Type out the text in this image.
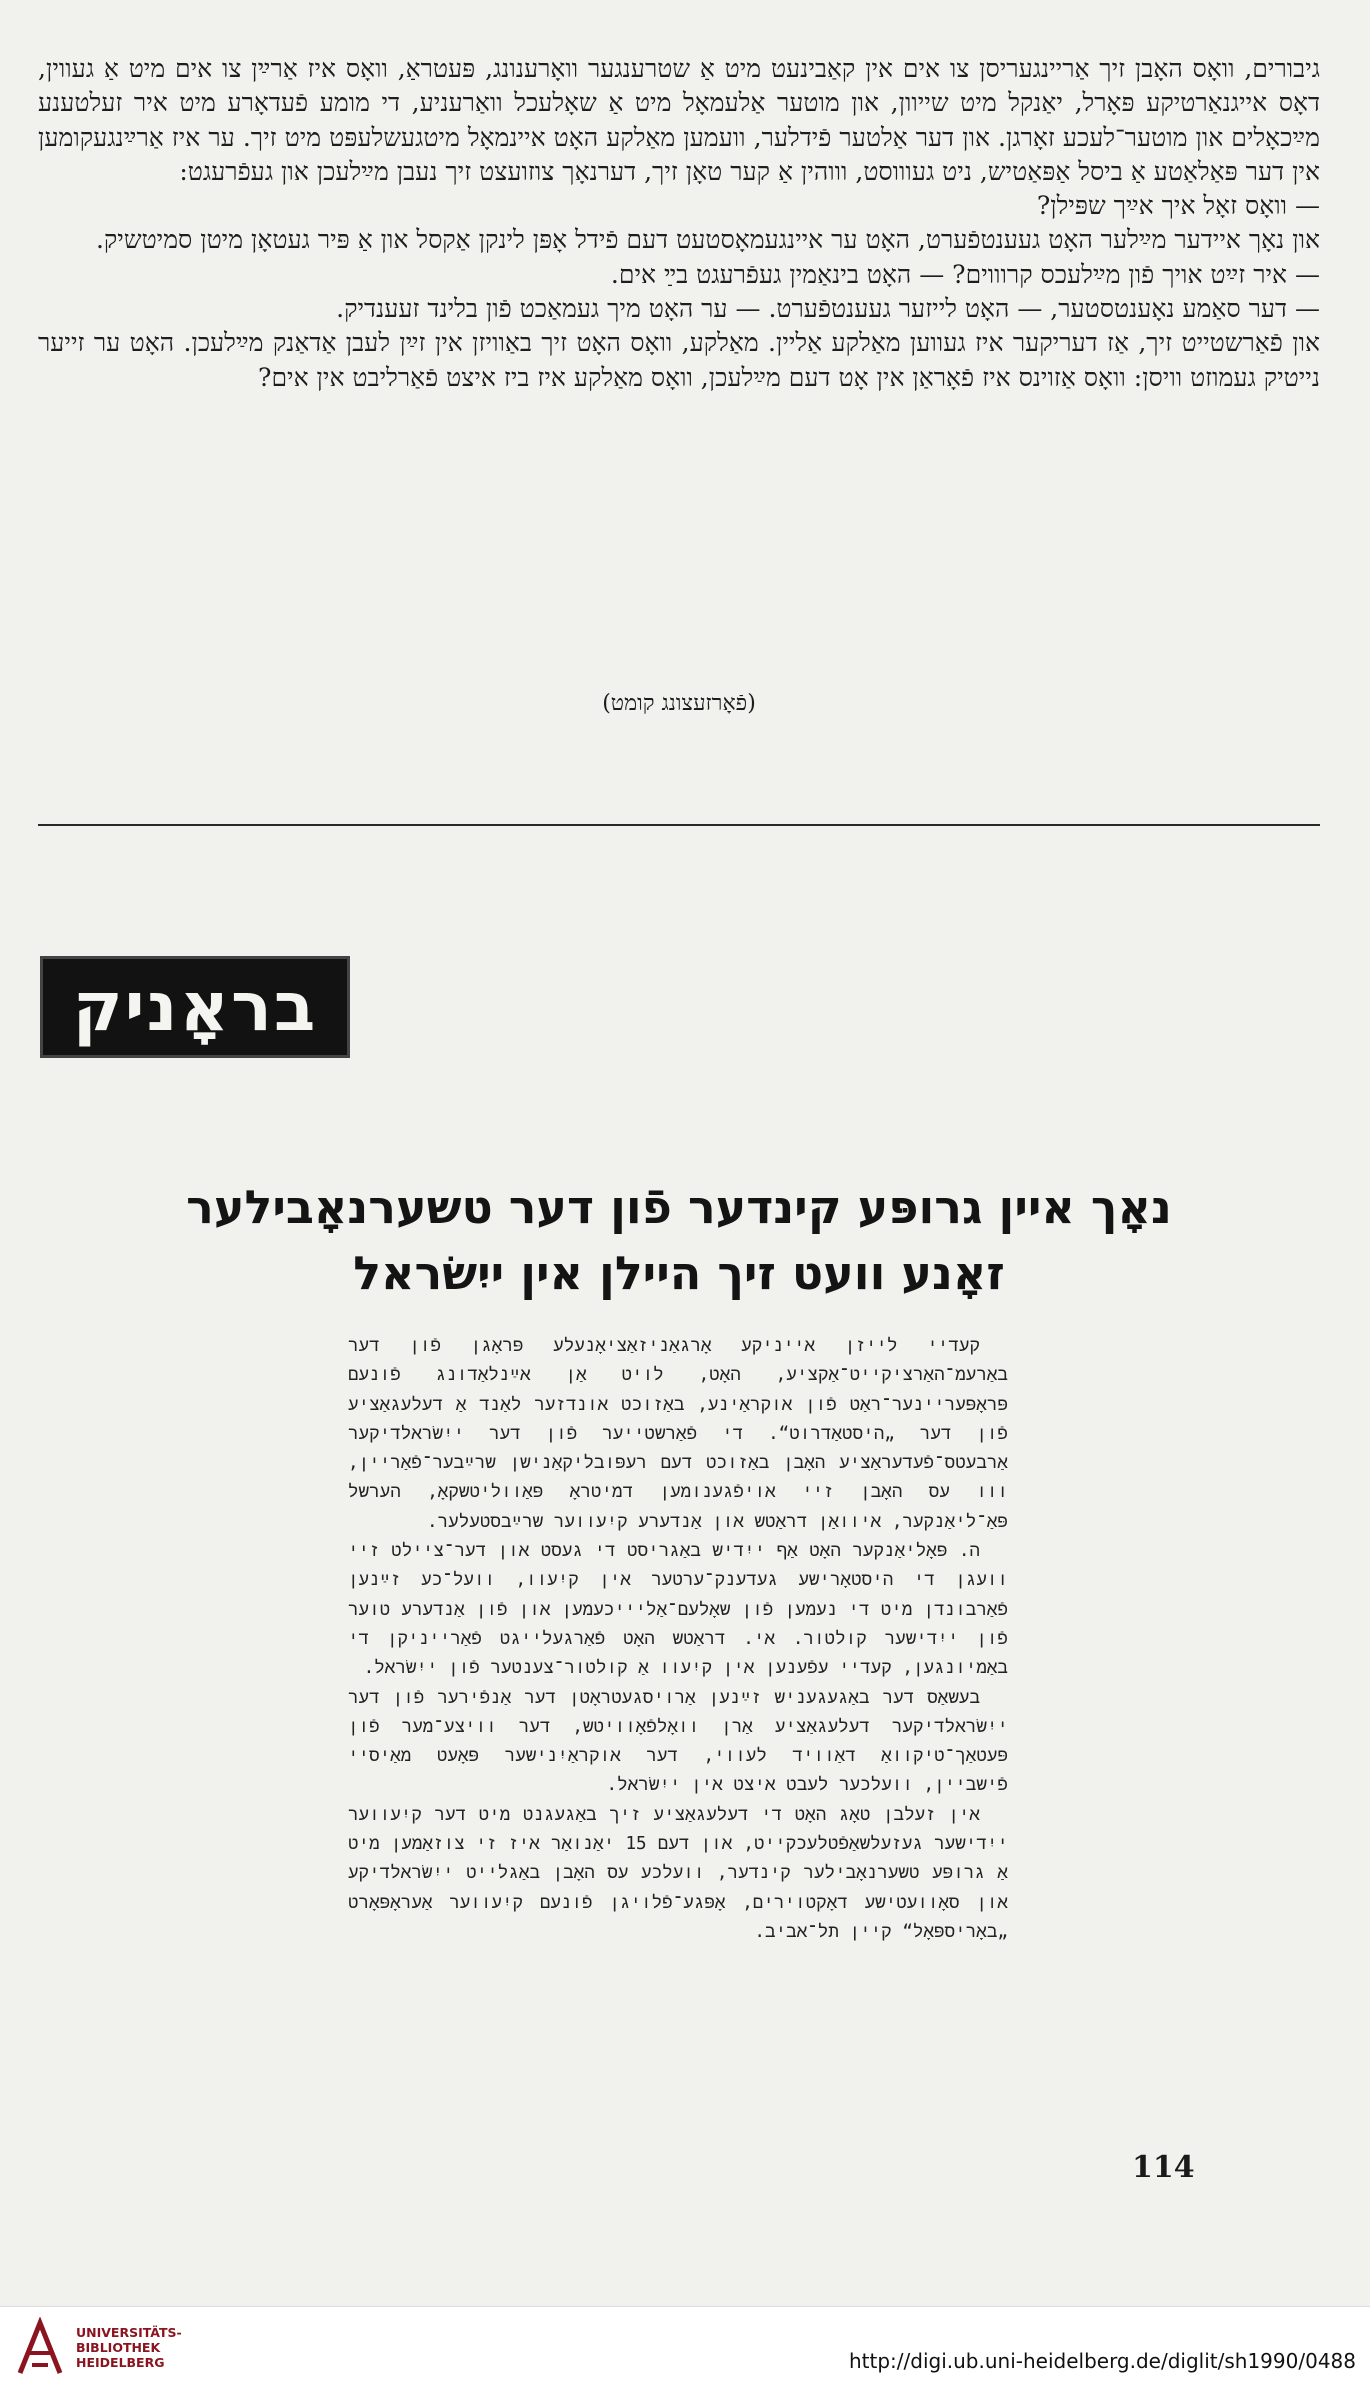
גיבורים, וואָס האָבן זיך אַריינגעריסן צו אים אין קאַבינעט מיט אַ שטרענגער וואָרענונג, פּעטראַ, וואָס איז אַרײַן צו אים מיט אַ געווין, דאָס אייגנאַרטיקע פּאָרל, יאַנקל מיט שייוון, און מוטער אַלעמאָל מיט אַ שאָלעכל וואַרעניע, די מומע פֿעדאָרע מיט איר זעלטענע מײַכאָלים און מוטער־לעכע זאָרגן. און דער אַלטער פֿידלער, וועמען מאַלקע האָט איינמאָל מיטגעשלעפּט מיט זיך. ער איז אַרײַנגעקומען אין דער פּאַלאַטע אַ ביסל אַפּאַטיש, ניט געוווסט, וווהין אַ קער טאָן זיך, דערנאָך צוזועצט זיך נעבן מײַלעכן און געפֿרעגט:

— וואָס זאָל איך אײַך שפּילן?

און נאָך איידער מײַלער האָט געענטפֿערט, האָט ער איינגעמאָסטעט דעם פֿידל אָפּן לינקן אַקסל און אַ פּיר געטאָן מיטן סמיטשיק.

— איר זײַט אויך פֿון מײַלעכס קרוווים? — האָט בינאַמין געפֿרעגט בײַ אים.

— דער סאַמע נאָענטסטער, — האָט לייזער געענטפֿערט. — ער האָט מיך געמאַכט פֿון בלינד זעענדיק.

און פֿאַרשטייט זיך, אַז דעריקער איז געווען מאַלקע אַליין. מאַלקע, וואָס האָט זיך באַוויזן אין זײַן לעבן אַדאַנק מײַלעכן. האָט ער זייער נייטיק געמוזט וויסן: וואָס אַזוינס איז פֿאָראַן אין אָט דעם מײַלעכן, וואָס מאַלקע איז ביז איצט פֿאַרליבט אין אים?

(פֿאָרזעצונג קומט)
בראָניק
נאָך איין גרופּע קינדער פֿון דער טשערנאָבילער
זאָנע וועט זיך היילן אין ייִשׂראל

קעדיי לייזן אייניקע אָרגאַניזאַציאָנעלע פּראָגן פֿון דער באַרעמ־האַרציקייט־אַקציע, האָט, לויט אַן אײַנלאַדונג פֿונעם פּראָפּעריינער־ראַט פֿון אוקראַינע, באַזוכט אונדזער לאַנד אַ דעלעגאַציע פֿון דער „היסטאַדרוט“. די פֿאַרשטייער פֿון דער ייִשׂראלדיקער אַרבעטס־פֿעדעראַציע האָבן באַזוכט דעם רעפּובליקאַנישן שרײַבער־פֿאַריין, ווו עס האָבן זיי אויפֿגענומען דמיטראָ פּאַווליטשקאָ, הערשל פּאַ־ליאַנקער, איוואַן דראַטש און אַנדערע קיִעווער שרײַבסטעלער.

ה. פּאָליאַנקער האָט אַף ייִדיש באַגריסט די געסט און דער־ציילט זיי וועגן די היסטאָרישע געדענק־ערטער אין קיִעוו, וועל־כע זײַנען פֿאַרבונדן מיט די נעמען פֿון שאָלעם־אַליייכעמען און פֿון אַנדערע טוער פֿון ייִדישער קולטור. אי. דראַטש האָט פֿאַרגעלייגט פֿאַרייניקן די באַמיונגען, קעדיי עפֿענען אין קיִעוו אַ קולטור־צענטער פֿון ייִשׂראל.

בעשאַס דער באַגעגעניש זײַנען אַרויסגעטראָטן דער אַנפֿירער פֿון דער ייִשׂראלדיקער דעלעגאַציע אַרן וואָלפֿאָוויטש, דער וויצע־מער פֿון פּעטאַך־טיקוואַ דאַוויד לעווי, דער אוקראַיִנישער פּאָעט מאַיסיי פֿישביין, וועלכער לעבט איצט אין ייִשׂראל.

אין זעלבן טאָג האָט די דעלעגאַציע זיך באַגעגנט מיט דער קיִעווער ייִדישער געזעלשאַפֿטלעכקייט, און דעם 15 יאַנואַר איז זי צוזאַמען מיט אַ גרופּע טשערנאָבילער קינדער, וועלכע עס האָבן באַגלייט ייִשׂראלדיקע און סאָוועטישע דאָקטוירים, אָפּגע־פֿלויגן פֿונעם קיִעווער אַעראָפּאָרט „באָריספּאָל“ קיין תל־אביב.

114
UNIVERSITÄTS-
BIBLIOTHEK
HEIDELBERG	http://digi.ub.uni-heidelberg.de/diglit/sh1990/0488
